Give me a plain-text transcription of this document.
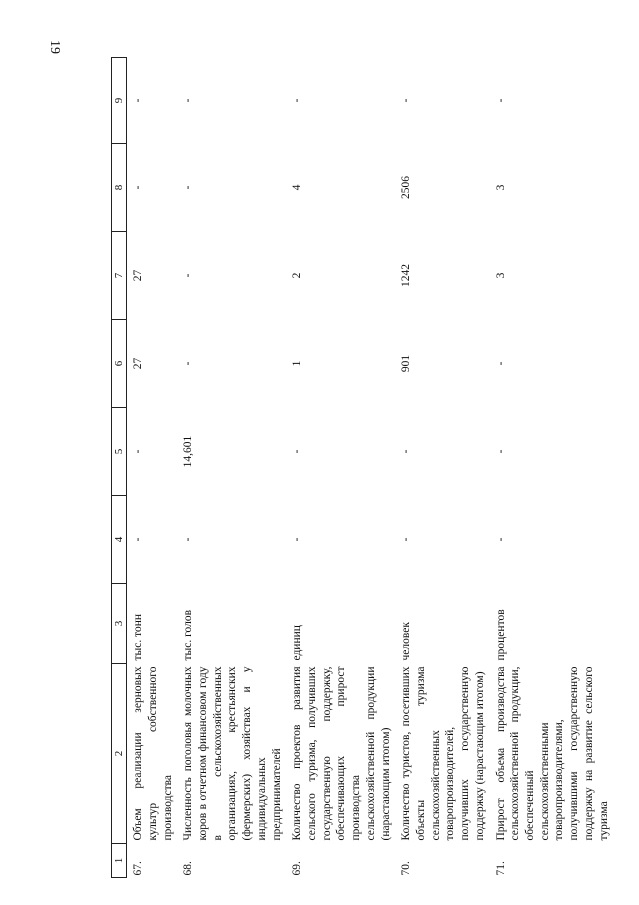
19
1	2	3	4	5	6	7	8	9
67.	Объем реализации зерновых культур собственного производства	тыс. тонн	-	-	27	27	-	-
68.	Численность поголовья молочных коров в отчетном финансовом году в сельскохозяйственных организациях, крестьянских (фермерских) хозяйствах и у индивидуальных предпринимателей	тыс. голов	-	14,601	-	-	-	-
69.	Количество проектов развития сельского туризма, получивших государственную поддержку, обеспечивающих прирост производства сельскохозяйственной продукции (нарастающим итогом)	единиц	-	-	1	2	4	-
70.	Количество туристов, посетивших объекты туризма сельскохозяйственных товаропроизводителей, получивших государственную поддержку (нарастающим итогом)	человек	-	-	901	1242	2506	-
71.	Прирост объема производства сельскохозяйственной продукции, обеспеченный сельскохозяйственными товаропроизводителями, получившими государственную поддержку на развитие сельского туризма	процентов	-	-	-	3	3	-
